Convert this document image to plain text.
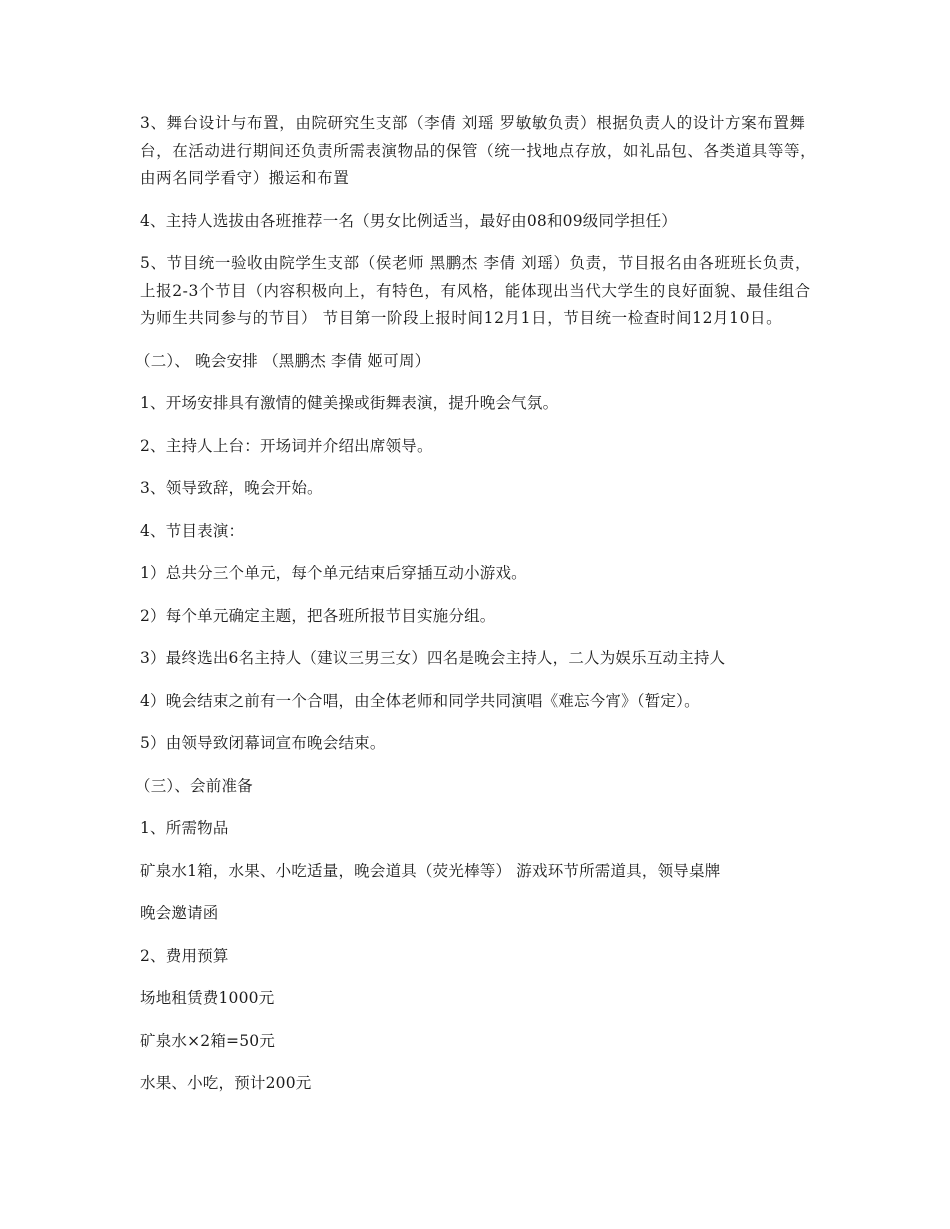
3、舞台设计与布置，由院研究生支部（李倩 刘瑶 罗敏敏负责）根据负责人的设计方案布置舞台，在活动进行期间还负责所需表演物品的保管（统一找地点存放，如礼品包、各类道具等等，由两名同学看守）搬运和布置

4、主持人选拔由各班推荐一名（男女比例适当，最好由08和09级同学担任）

5、节目统一验收由院学生支部（侯老师 黑鹏杰 李倩 刘瑶）负责，节目报名由各班班长负责，上报2-3个节目（内容积极向上，有特色，有风格，能体现出当代大学生的良好面貌、最佳组合为师生共同参与的节目） 节目第一阶段上报时间12月1日，节目统一检查时间12月10日。

（二）、 晚会安排 （黑鹏杰 李倩 姬可周）

1、开场安排具有激情的健美操或街舞表演，提升晚会气氛。

2、主持人上台：开场词并介绍出席领导。

3、领导致辞，晚会开始。

4、节目表演：

1）总共分三个单元，每个单元结束后穿插互动小游戏。

2）每个单元确定主题，把各班所报节目实施分组。

3）最终选出6名主持人（建议三男三女）四名是晚会主持人，二人为娱乐互动主持人

4）晚会结束之前有一个合唱，由全体老师和同学共同演唱《难忘今宵》（暂定）。

5）由领导致闭幕词宣布晚会结束。

（三）、会前准备

1、所需物品

矿泉水1箱，水果、小吃适量，晚会道具（荧光棒等） 游戏环节所需道具，领导桌牌

晚会邀请函

2、费用预算

场地租赁费1000元

矿泉水×2箱=50元

水果、小吃，预计200元
